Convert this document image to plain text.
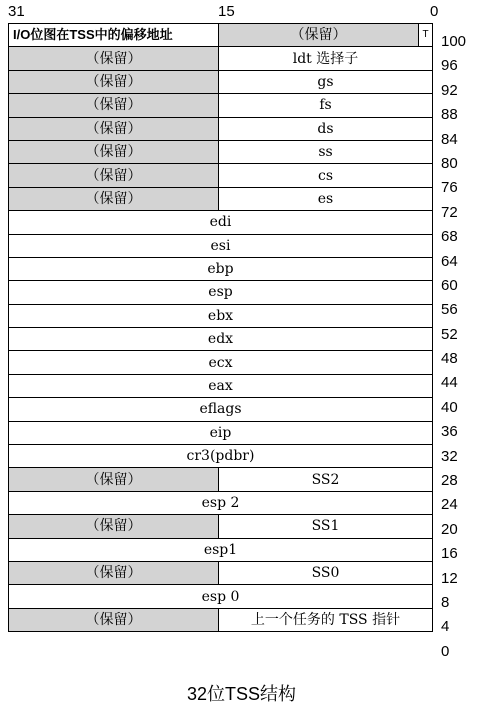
31	15	0
I/O位图在TSS中的偏移地址	（保留）	T
（保留）	ldt 选择子	
（保留）	gs	
（保留）	fs	
（保留）	ds	
（保留）	ss	
（保留）	cs	
（保留）	es	
edi		
esi		
ebp		
esp		
ebx		
edx		
ecx		
eax		
eflags		
eip		
cr3(pdbr)		
（保留）	SS2	
esp 2		
（保留）	SS1	
esp1		
（保留）	SS0	
esp 0		
（保留）	上一个任务的 TSS 指针	
100
96
92
88
84
80
76
72
68
64
60
56
52
48
44
40
36
32
28
24
20
16
12
8
4
0
32位TSS结构
